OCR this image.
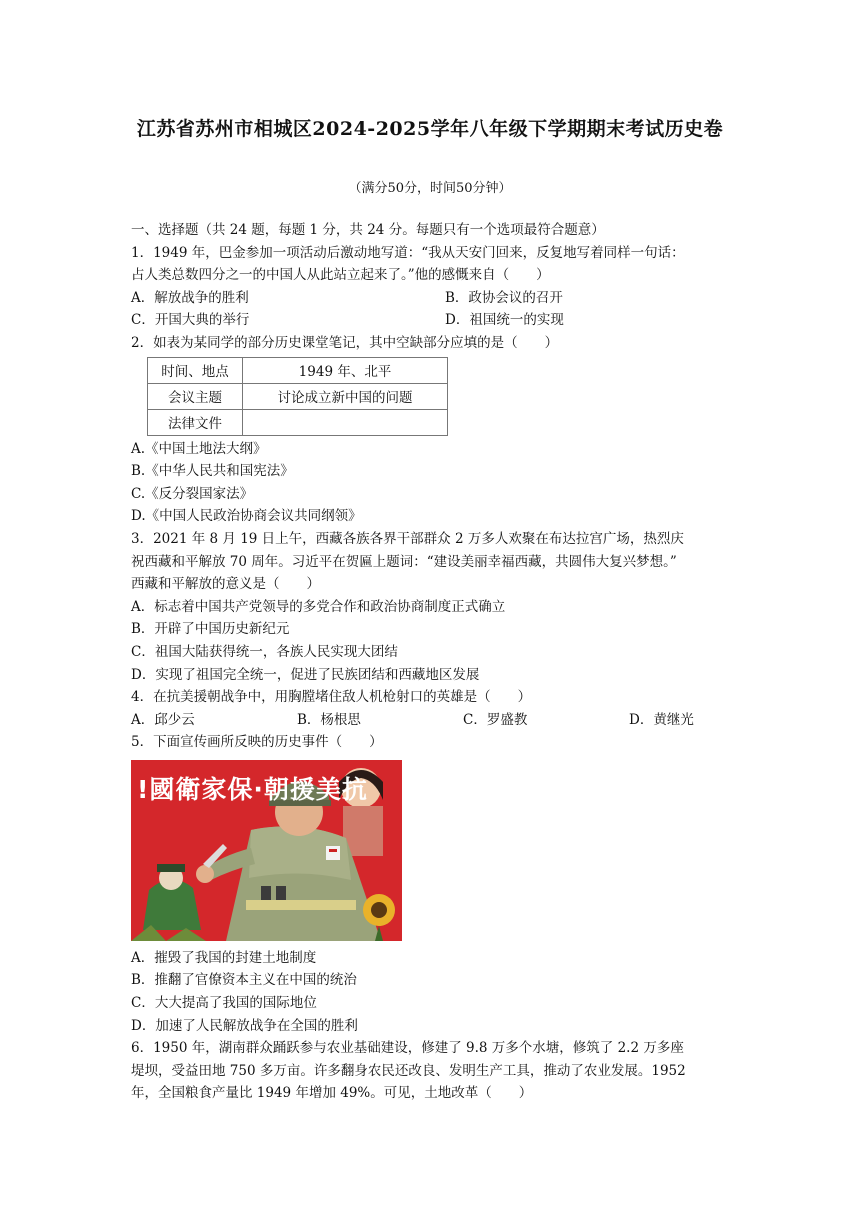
江苏省苏州市相城区2024-2025学年八年级下学期期末考试历史卷
（满分50分，时间50分钟）
一、选择题（共 24 题，每题 1 分，共 24 分。每题只有一个选项最符合题意）
1．1949 年，巴金参加一项活动后激动地写道：“我从天安门回来，反复地写着同样一句话：
占人类总数四分之一的中国人从此站立起来了。”他的感慨来自（　　）
A．解放战争的胜利	B．政协会议的召开
C．开国大典的举行	D．祖国统一的实现
2．如表为某同学的部分历史课堂笔记，其中空缺部分应填的是（　　）
时间、地点	1949 年、北平
会议主题	讨论成立新中国的问题
法律文件	
A.《中国土地法大纲》
B.《中华人民共和国宪法》
C.《反分裂国家法》
D.《中国人民政治协商会议共同纲领》
3．2021 年 8 月 19 日上午，西藏各族各界干部群众 2 万多人欢聚在布达拉宫广场，热烈庆
祝西藏和平解放 70 周年。习近平在贺匾上题词：“建设美丽幸福西藏，共圆伟大复兴梦想。”
西藏和平解放的意义是（　　）
A．标志着中国共产党领导的多党合作和政治协商制度正式确立
B．开辟了中国历史新纪元
C．祖国大陆获得统一，各族人民实现大团结
D．实现了祖国完全统一，促进了民族团结和西藏地区发展
4．在抗美援朝战争中，用胸膛堵住敌人机枪射口的英雄是（　　）
A．邱少云	B．杨根思	C．罗盛教	D．黄继光
5．下面宣传画所反映的历史事件（　　）
!國衛家保·朝援美抗
A．摧毁了我国的封建土地制度
B．推翻了官僚资本主义在中国的统治
C．大大提高了我国的国际地位
D．加速了人民解放战争在全国的胜利
6．1950 年，湖南群众踊跃参与农业基础建设，修建了 9.8 万多个水塘，修筑了 2.2 万多座
堤坝，受益田地 750 多万亩。许多翻身农民还改良、发明生产工具，推动了农业发展。1952
年，全国粮食产量比 1949 年增加 49%。可见，土地改革（　　）
